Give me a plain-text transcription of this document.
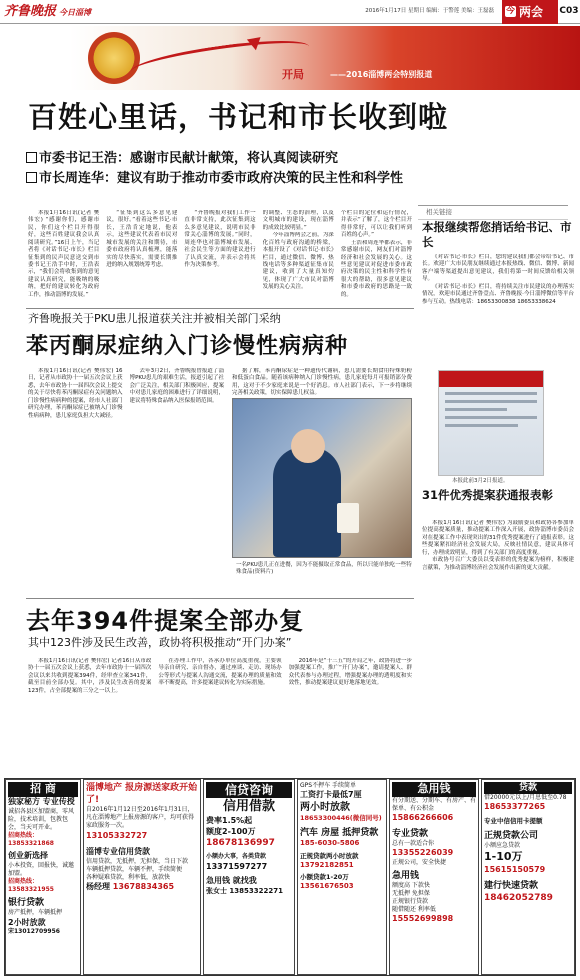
齐鲁晚报 今日淄博	2016年1月17日 星期日 编辑：于警莲 美编：王磊磊 今 两会 C03
开局	——2016淄博两会特别报道
百姓心里话，书记和市长收到啦
市委书记王浩：感谢市民献计献策，将认真阅读研究
市长周连华：建议有助于推动市委市政府决策的民主性和科学性

本报1月16日讯(记者 樊伟宏) “感谢你们，感谢市民，你们这个栏目开得很好，这些百姓建议我会认真阅读研究。”16日上午，当记者将《对话书记·市长》栏目征集到的民声民意送交到市委书记王浩手中时，王浩表示，“我们会将收集到的意见建议认真研究，能吸纳的吸纳，把好的建议转化为政府工作，推动淄博的发展。”

“征集到这么多意见建议，很好。”看着这些书记·市长，王浩肯定地说，他表示，这些建议代表着市民对城市发展的关注和期待，市委市政府将认真梳理，能落实的尽快落实，需要长期推进的纳入规划统筹考虑。

“齐鲁晚报对我们工作一直非常支持，此次征集到这么多意见建议，说明市民非常关心淄博的发展。”同时，周连华也对淄博城市发展、社会民生等方面的建议进行了认真交流，并表示会将其作为决策参考。

的调整、生态的治理，以及文明城市的建设，现在淄博的成效比较明显。”

今年淄博两会之前，为深化百姓与政府沟通的桥梁，本报开设了《对话书记·市长》栏目，通过微信、微博、热线电话等多种渠道征集市民建议，收到了大量真知灼见，体现了广大市民对淄博发展的关心关注。

个栏目的定位和运行情况，并表示“了解了，这个栏目开得非常好，可以让我们听到百姓的心声。”

王浩和周连华都表示，非常感谢市民，网友们对淄博经济和社会发展的关心。这些意见建议对促进市委市政府决策的民主性和科学性有很大的帮助，很多意见建议和市委市政府的思路是一致的。

相关链接
本报继续帮您捎话给书记、市长

《对话书记·市长》栏目，您的建议我们都会带给书记、市长。欢迎广大市民朋友继续通过本报热线、微信、微博、新闻客户端等渠道提出意见建议，我们将第一时间反馈给相关领导。

《对话书记·市长》栏目，将持续关注市民建议的办理落实情况，欢迎市民通过齐鲁壹点、齐鲁晚报·今日淄博微信等平台参与互动。热线电话：18653300838 18653338624

本报此前3月2日报道。
31件优秀提案获通报表彰

本报1月16日讯(记者 樊伟宏) 为鼓励委员和政协各参加单位提高提案质量，推动提案工作深入开展，政协淄博市委员会对在提案工作中表现突出的31件优秀提案进行了通报表彰。这些提案紧扣经济社会发展大局，反映社情民意，建议具体可行，办理成效明显，得到了有关部门的高度重视。

市政协号召广大委员以受表彰的优秀提案为榜样，积极建言献策，为推动淄博经济社会发展作出新的更大贡献。

齐鲁晚报关于PKU患儿报道获关注并被相关部门采纳
苯丙酮尿症纳入门诊慢性病病种

本报1月16日讯(记者 樊伟宏) 16日，记者从市政协十一届五次会议上获悉，去年市政协十一届四次会议上提交的关于尽快将苯丙酮尿症有关问题纳入门诊慢性病病种的提案，经市人社部门研究办理，苯丙酮尿症已被纳入门诊慢性病病种，患儿家庭负担大大减轻。

去年3月2日，齐鲁晚报曾报道了淄博PKU患儿的艰难生活，报道引起了社会广泛关注，相关部门积极回应，提案中对患儿家庭的困难进行了详细说明，建议将特殊食品纳入医保报销范围。

据了解，苯丙酮尿症是一种遗传代谢病，患儿需要长期食用特殊奶粉和低蛋白食品。随着该病种纳入门诊慢性病，患儿家庭每月可报销部分费用，这对于不少家庭来说是一个好消息。市人社部门表示，下一步将继续完善相关政策，切实保障患儿权益。

一名PKU患儿正在进餐，因为不能摄取正常食品，所以只能单独吃一些特殊食品(资料片)
去年394件提案全部办复
其中123件涉及民生改善，政协将积极推动“开门办案”

本报1月16日讯(记者 樊伟宏) 记者16日从市政协十一届五次会议上获悉，去年市政协十一届四次会议以来共收到提案394件，经审查立案341件，截至目前全部办复。其中，涉及民生改善的提案123件，占全部提案的三分之一以上。

在办理工作中，各承办单位高度重视，主要领导亲自研究、亲自督办，通过座谈、走访、现场办公等形式与提案人沟通交流，提案办理的质量和效率不断提高，许多提案建议转化为实际措施。

2016年是“十三五”的开局之年，政协将进一步加强提案工作，推广“开门办案”，邀请提案人、群众代表参与办理过程，增强提案办理的透明度和实效性，推动提案建议更好地落地见效。

招 商
独家秘方 专业传授
诚招各县区加盟商，零风险，技术培训，包教包会，当天可开业。
招商热线：13853321868
创业新选择
小本投资，回报快，诚邀加盟。
招商热线：13583321955
银行贷款
房产抵押，车辆抵押
2小时放款
宋13012709956
淄博地产 报房源送家政开始了!
自2016年1月12日至2016年1月31日，凡在淄博地产上报房源的客户，均可获得家政服务一次。
13105332727
淄博专业信用贷款
信用贷款，无抵押，无担保，当日下款
车辆抵押贷款，车辆不押，手续简便
各种疑难贷款，利率低，放款快
杨经理 13678834365
信贷咨询
信用借款
费率1.5%起
额度2-100万
18678136997
小额办大事，各类贷款
13371597277
急用钱 就找我
张女士 13853322271
GPS不押车 手续简单
工资打卡最低7厘
两小时放款
18653300446(微信同号)
汽车 房屋 抵押贷款
185-6030-5806
正规贷款两小时放款
13792182851
小额贷款1-20万
13561676503
急用钱
有分期送、分期车、有房产、有保单、有公积金
15866266606
专业贷款
总有一款适合你
13355226039
正规公司，安全快捷
急用钱
额度高 下款快
无抵押 免担保
正规银行贷款
随借随还 利率低
15552699898
贷款
借20000元以上/月息低至0.78
18653377265
专业中信信用卡提额
正规贷款公司
小额应急贷款
1-10万
15615150579
建行快速贷款
18462052789
